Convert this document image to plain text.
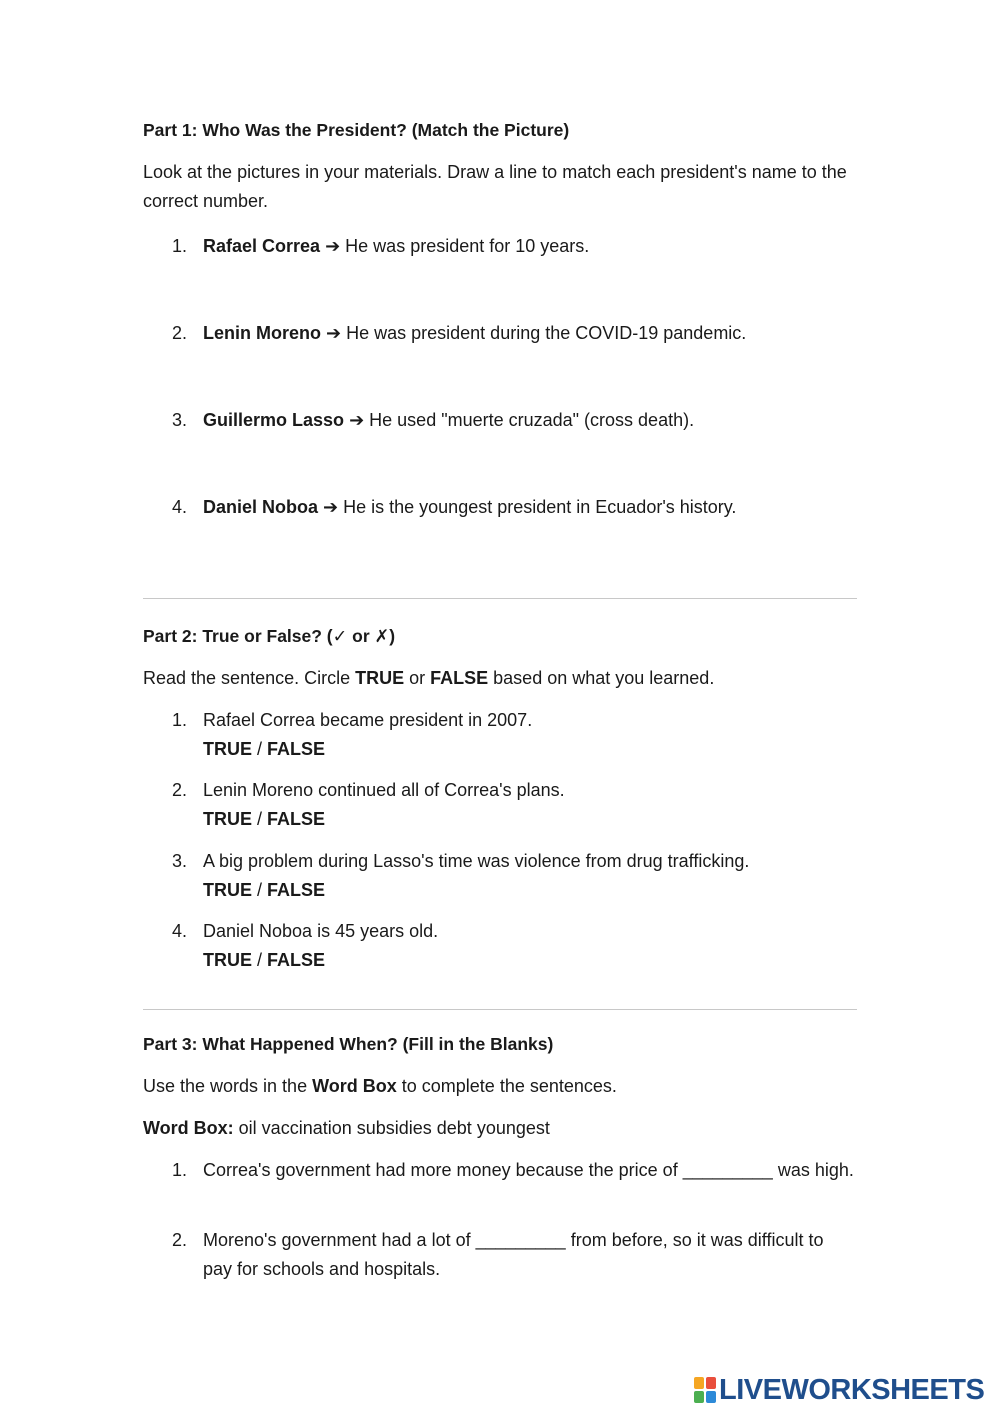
Part 1: Who Was the President? (Match the Picture)
Look at the pictures in your materials. Draw a line to match each president's name to the correct number.
1. Rafael Correa ➔ He was president for 10 years.
2. Lenin Moreno ➔ He was president during the COVID-19 pandemic.
3. Guillermo Lasso ➔ He used "muerte cruzada" (cross death).
4. Daniel Noboa ➔ He is the youngest president in Ecuador's history.
Part 2: True or False? (✓ or ✗)
Read the sentence. Circle TRUE or FALSE based on what you learned.
1. Rafael Correa became president in 2007.
TRUE / FALSE
2. Lenin Moreno continued all of Correa's plans.
TRUE / FALSE
3. A big problem during Lasso's time was violence from drug trafficking.
TRUE / FALSE
4. Daniel Noboa is 45 years old.
TRUE / FALSE
Part 3: What Happened When? (Fill in the Blanks)
Use the words in the Word Box to complete the sentences.
Word Box: oil vaccination subsidies debt youngest
1. Correa's government had more money because the price of _________ was high.
2. Moreno's government had a lot of _________ from before, so it was difficult to pay for schools and hospitals.
LIVEWORKSHEETS
